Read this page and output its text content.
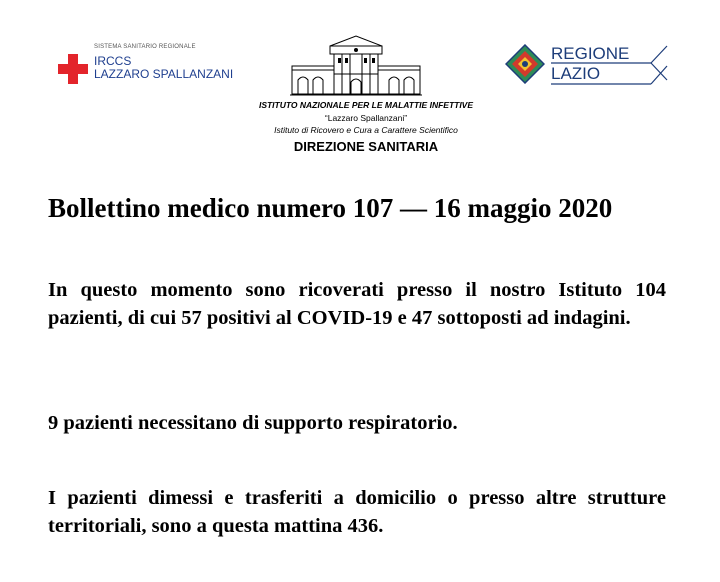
SISTEMA SANITARIO REGIONALE
IRCCS
LAZZARO SPALLANZANI
ISTITUTO NAZIONALE PER LE MALATTIE INFETTIVE
“Lazzaro Spallanzani”
Istituto di Ricovero e Cura a Carattere Scientifico
DIREZIONE SANITARIA
REGIONE
LAZIO
Bollettino medico numero 107 — 16 maggio 2020
In questo momento sono ricoverati presso il nostro Istituto 104 pazienti, di cui 57 positivi al COVID-19 e 47 sottoposti ad indagini.
9 pazienti necessitano di supporto respiratorio.
I pazienti dimessi e trasferiti a domicilio o presso altre strutture territoriali, sono a questa mattina 436.
